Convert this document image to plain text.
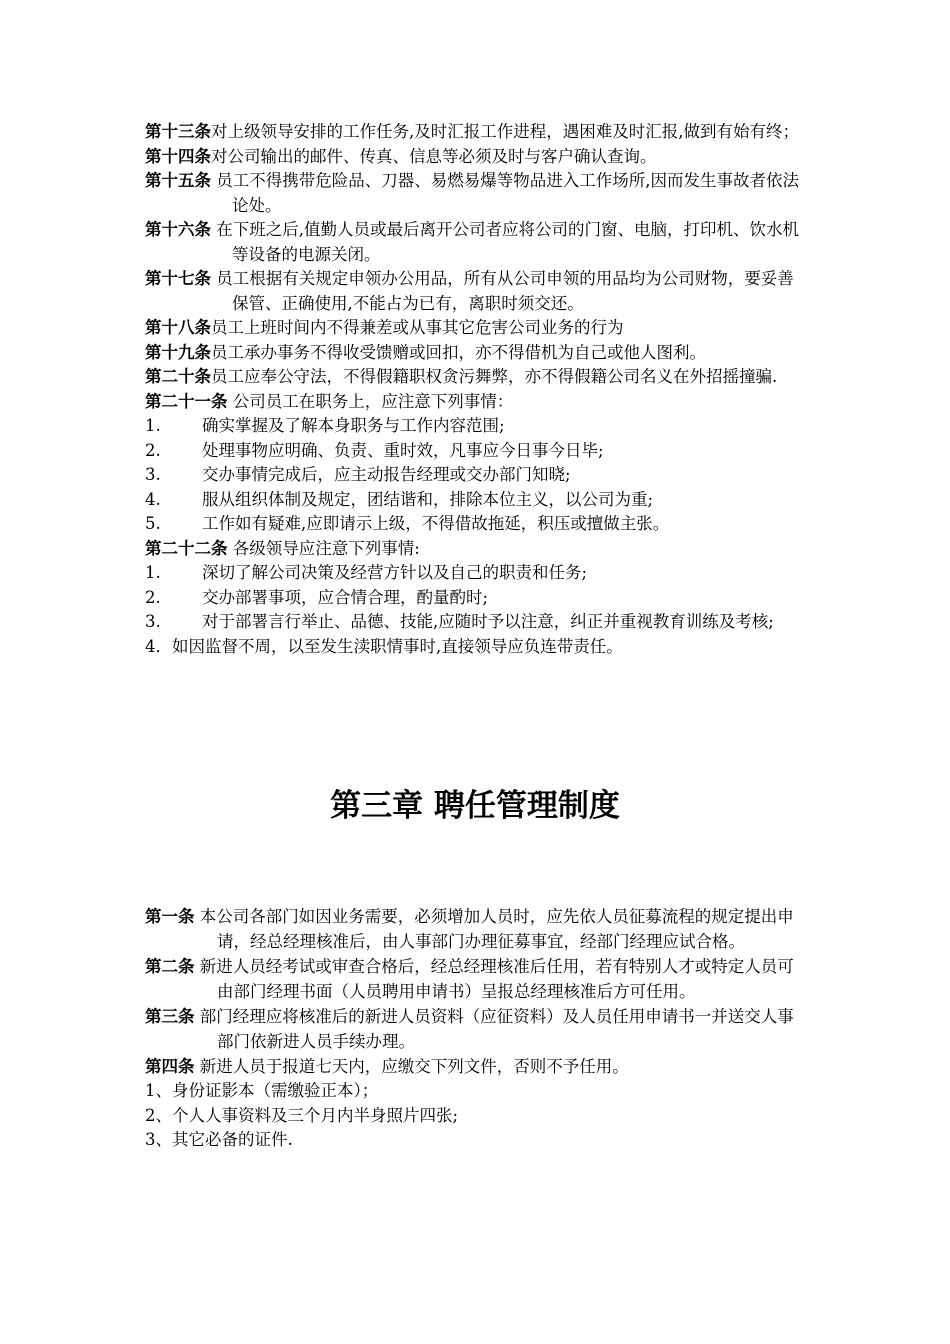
第十三条对上级领导安排的工作任务,及时汇报工作进程，遇困难及时汇报,做到有始有终；

第十四条对公司输出的邮件、传真、信息等必须及时与客户确认查询。

第十五条 员工不得携带危险品、刀器、易燃易爆等物品进入工作场所,因而发生事故者依法论处。

第十六条 在下班之后,值勤人员或最后离开公司者应将公司的门窗、电脑，打印机、饮水机等设备的电源关闭。

第十七条 员工根据有关规定申领办公用品，所有从公司申领的用品均为公司财物，要妥善保管、正确使用,不能占为已有，离职时须交还。

第十八条员工上班时间内不得兼差或从事其它危害公司业务的行为

第十九条员工承办事务不得收受馈赠或回扣，亦不得借机为自己或他人图利。

第二十条员工应奉公守法，不得假籍职权贪污舞弊，亦不得假籍公司名义在外招摇撞骗.

第二十一条 公司员工在职务上，应注意下列事情：

1.	确实掌握及了解本身职务与工作内容范围;
2.	处理事物应明确、负责、重时效，凡事应今日事今日毕;
3.	交办事情完成后，应主动报告经理或交办部门知晓;
4.	服从组织体制及规定，团结谐和，排除本位主义，以公司为重;
5.	工作如有疑难,应即请示上级，不得借故拖延，积压或擅做主张。

第二十二条 各级领导应注意下列事情:

1.	深切了解公司决策及经营方针以及自己的职责和任务;
2.	交办部署事项，应合情合理，酌量酌时;

3.	对于部署言行举止、品德、技能,应随时予以注意，纠正并重视教育训练及考核;

4．如因监督不周，以至发生渎职情事时,直接领导应负连带责任。

第三章 聘任管理制度

第一条 本公司各部门如因业务需要，必须增加人员时，应先依人员征募流程的规定提出申请，经总经理核准后，由人事部门办理征募事宜，经部门经理应试合格。

第二条 新进人员经考试或审查合格后，经总经理核准后任用，若有特别人才或特定人员可由部门经理书面（人员聘用申请书）呈报总经理核准后方可任用。

第三条 部门经理应将核准后的新进人员资料（应征资料）及人员任用申请书一并送交人事部门依新进人员手续办理。

第四条 新进人员于报道七天内，应缴交下列文件，否则不予任用。

1、身份证影本（需缴验正本）；

2、个人人事资料及三个月内半身照片四张;

3、其它必备的证件.
